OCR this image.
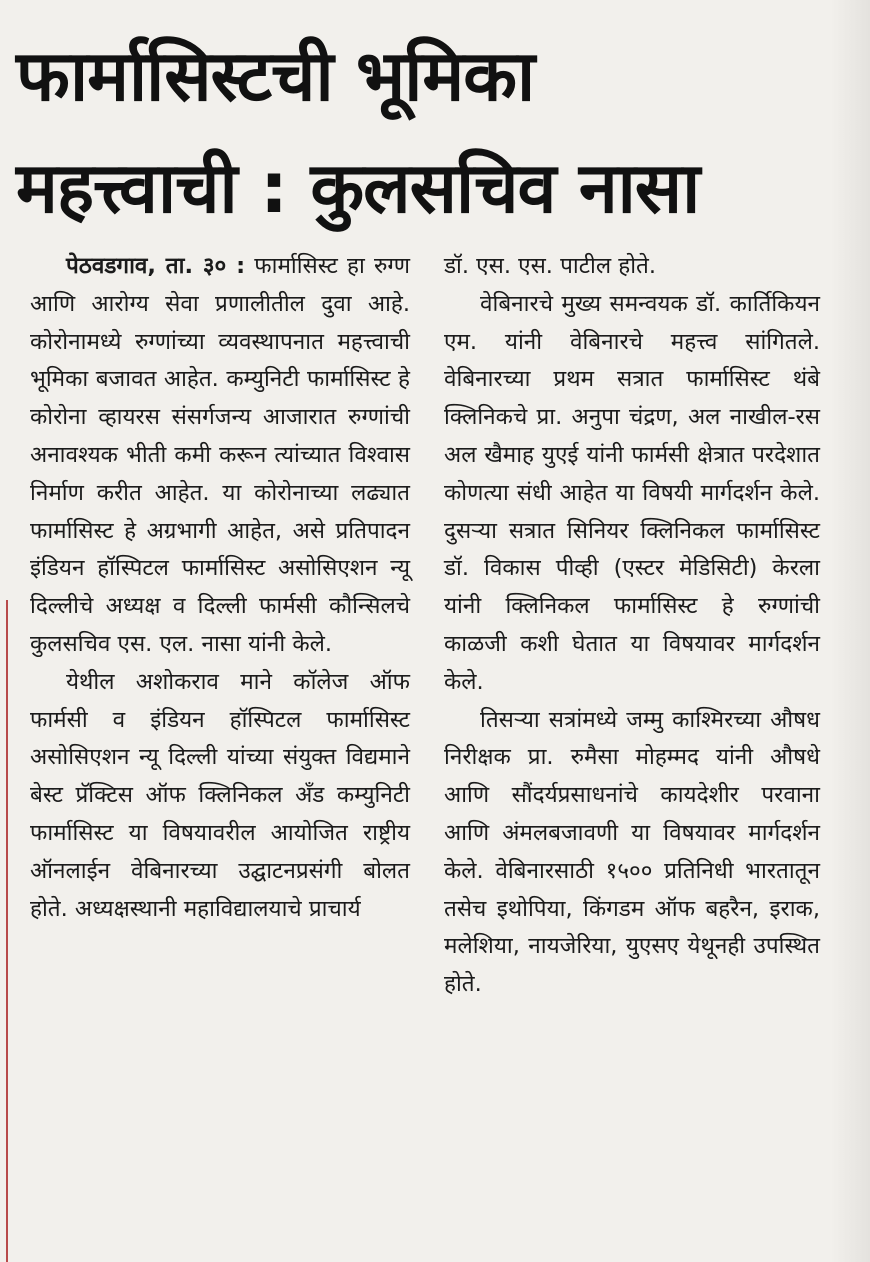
फार्मासिस्टची भूमिका
महत्त्वाची : कुलसचिव नासा

पेठवडगाव, ता. ३० : फार्मासिस्ट हा रुग्ण आणि आरोग्य सेवा प्रणालीतील दुवा आहे. कोरोनामध्ये रुग्णांच्या व्यवस्थापनात महत्त्वाची भूमिका बजावत आहेत. कम्युनिटी फार्मासिस्ट हे कोरोना व्हायरस संसर्गजन्य आजारात रुग्णांची अनावश्यक भीती कमी करून त्यांच्यात विश्वास निर्माण करीत आहेत. या कोरोनाच्या लढ्यात फार्मासिस्ट हे अग्रभागी आहेत, असे प्रतिपादन इंडियन हॉस्पिटल फार्मासिस्ट असोसिएशन न्यू दिल्लीचे अध्यक्ष व दिल्ली फार्मसी कौन्सिलचे कुलसचिव एस. एल. नासा यांनी केले.

येथील अशोकराव माने कॉलेज ऑफ फार्मसी व इंडियन हॉस्पिटल फार्मासिस्ट असोसिएशन न्यू दिल्ली यांच्या संयुक्त विद्यमाने बेस्ट प्रॅक्टिस ऑफ क्लिनिकल अँड कम्युनिटी फार्मासिस्ट या विषयावरील आयोजित राष्ट्रीय ऑनलाईन वेबिनारच्या उद्घाटनप्रसंगी बोलत होते. अध्यक्षस्थानी महाविद्यालयाचे प्राचार्य

डॉ. एस. एस. पाटील होते.

वेबिनारचे मुख्य समन्वयक डॉ. कार्तिकियन एम. यांनी वेबिनारचे महत्त्व सांगितले. वेबिनारच्या प्रथम सत्रात फार्मासिस्ट थंबे क्लिनिकचे प्रा. अनुपा चंद्रण, अल नाखील-रस अल खैमाह युएई यांनी फार्मसी क्षेत्रात परदेशात कोणत्या संधी आहेत या विषयी मार्गदर्शन केले. दुसऱ्या सत्रात सिनियर क्लिनिकल फार्मासिस्ट डॉ. विकास पीव्ही (एस्टर मेडिसिटी) केरला यांनी क्लिनिकल फार्मासिस्ट हे रुग्णांची काळजी कशी घेतात या विषयावर मार्गदर्शन केले.

तिसऱ्या सत्रांमध्ये जम्मु काश्मिरच्या औषध निरीक्षक प्रा. रुमैसा मोहम्मद यांनी औषधे आणि सौंदर्यप्रसाधनांचे कायदेशीर परवाना आणि अंमलबजावणी या विषयावर मार्गदर्शन केले. वेबिनारसाठी १५०० प्रतिनिधी भारतातून तसेच इथोपिया, किंगडम ऑफ बहरैन, इराक, मलेशिया, नायजेरिया, युएसए येथूनही उपस्थित होते.
